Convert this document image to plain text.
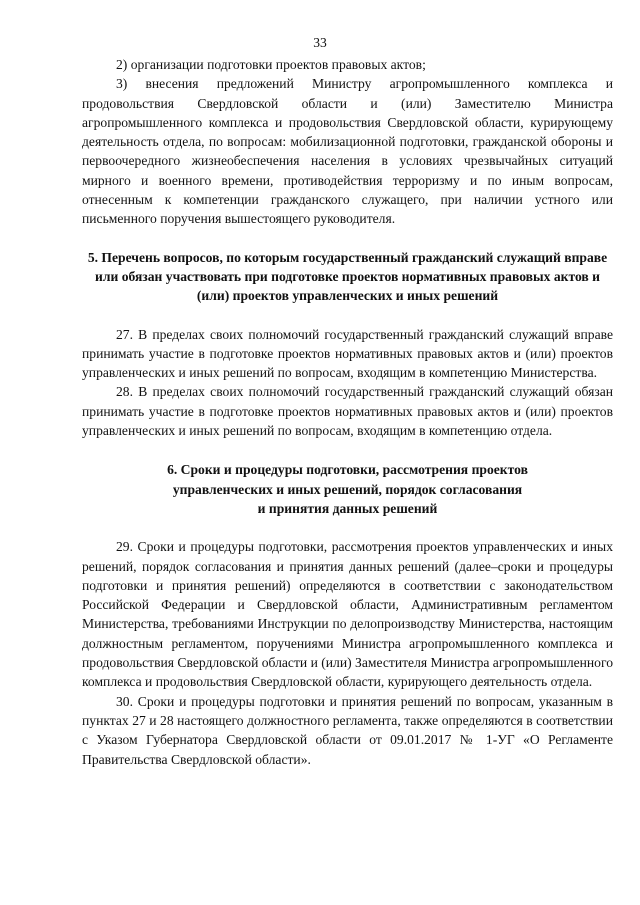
33

2) организации подготовки проектов правовых актов;

3) внесения предложений Министру агропромышленного комплекса и продовольствия Свердловской области и (или) Заместителю Министра агропромышленного комплекса и продовольствия Свердловской области, курирующему деятельность отдела, по вопросам: мобилизационной подготовки, гражданской обороны и первоочередного жизнеобеспечения населения в условиях чрезвычайных ситуаций мирного и военного времени, противодействия терроризму и по иным вопросам, отнесенным к компетенции гражданского служащего, при наличии устного или письменного поручения вышестоящего руководителя.

5. Перечень вопросов, по которым государственный гражданский служащий вправе или обязан участвовать при подготовке проектов нормативных правовых актов и (или) проектов управленческих и иных решений

27. В пределах своих полномочий государственный гражданский служащий вправе принимать участие в подготовке проектов нормативных правовых актов и (или) проектов управленческих и иных решений по вопросам, входящим в компетенцию Министерства.

28. В пределах своих полномочий государственный гражданский служащий обязан принимать участие в подготовке проектов нормативных правовых актов и (или) проектов управленческих и иных решений по вопросам, входящим в компетенцию отдела.

6. Сроки и процедуры подготовки, рассмотрения проектов
управленческих и иных решений, порядок согласования
и принятия данных решений

29. Сроки и процедуры подготовки, рассмотрения проектов управленческих и иных решений, порядок согласования и принятия данных решений (далее–сроки и процедуры подготовки и принятия решений) определяются в соответствии с законодательством Российской Федерации и Свердловской области, Административным регламентом Министерства, требованиями Инструкции по делопроизводству Министерства, настоящим должностным регламентом, поручениями Министра агропромышленного комплекса и продовольствия Свердловской области и (или) Заместителя Министра агропромышленного комплекса и продовольствия Свердловской области, курирующего деятельность отдела.

30. Сроки и процедуры подготовки и принятия решений по вопросам, указанным в пунктах 27 и 28 настоящего должностного регламента, также определяются в соответствии с Указом Губернатора Свердловской области от 09.01.2017 № 1-УГ «О Регламенте Правительства Свердловской области».
